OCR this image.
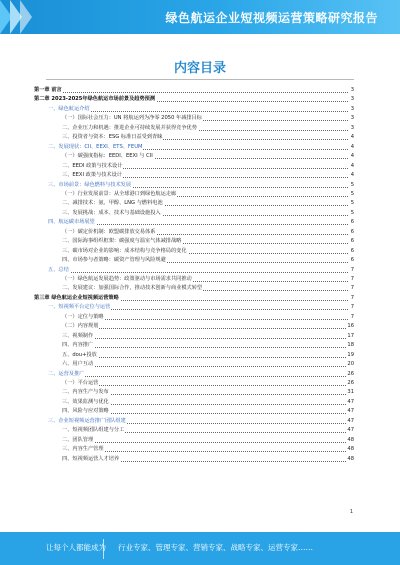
绿色航运企业短视频运营策略研究报告
内容目录
第一章 前言	3
第二章 2023-2025年绿色航运市场前景及趋势预测	3
一、绿色航运介绍	3
（一）国际社会压力：UN 将航运列为净零 2050 年减排目标	3
二、企业压力和机遇：推进企业可持续发展并获得竞争优势	3
三、投资者与资本：ESG 标准日益受到青睐	4
二、发展现状：CII、EEXI、ETS、FEUM	4
（一）碳强度指标：EEDI、EEXI 与 CII	4
二、EEDI 政策与技术设计	4
三、EEXI 政策与技术设计	4
三、市场前景：绿色燃料与技术发展	5
（一）行业发展前景：从全球港口到绿色航运走廊	5
二、减排技术：氨、甲醇、LNG 与燃料电池	5
三、发展挑战：成本、技术与基础设施投入	5
四、航运碳市场展望	6
（一）碳定价机制：欧盟碳排放交易体系	6
二、国际海事组织框架：碳强度与温室气体减排战略	6
三、碳市场对企业的影响：成本结构与竞争格局的变化	6
四、市场参与者策略：碳资产管理与风险规避	6
五、总结	7
（一）绿色航运发展趋势：政策驱动与市场需求共同推动	7
二、发展建议：加强国际合作，推动技术创新与商业模式转型	7
第三章 绿色航运企业短视频运营策略	7
一、短视频平台定位与运营	7
（一）定位与策略	7
（二）内容规划	16
三、视频制作	17
四、内容推广	18
五、dou+投放	19
六、用户互动	20
二、运营及推广	26
（一）平台运营	26
二、内容生产与发布	31
三、效果监测与优化	47
四、风险与应对策略	47
三、企业短视频运营推广团队组建	47
一、短视频团队组建与分工	47
二、团队管理	48
三、内容生产管理	48
四、短视频运营人才培养	48
1
让每个人都能成为 行业专家、管理专家、营销专家、战略专家、运营专家……
